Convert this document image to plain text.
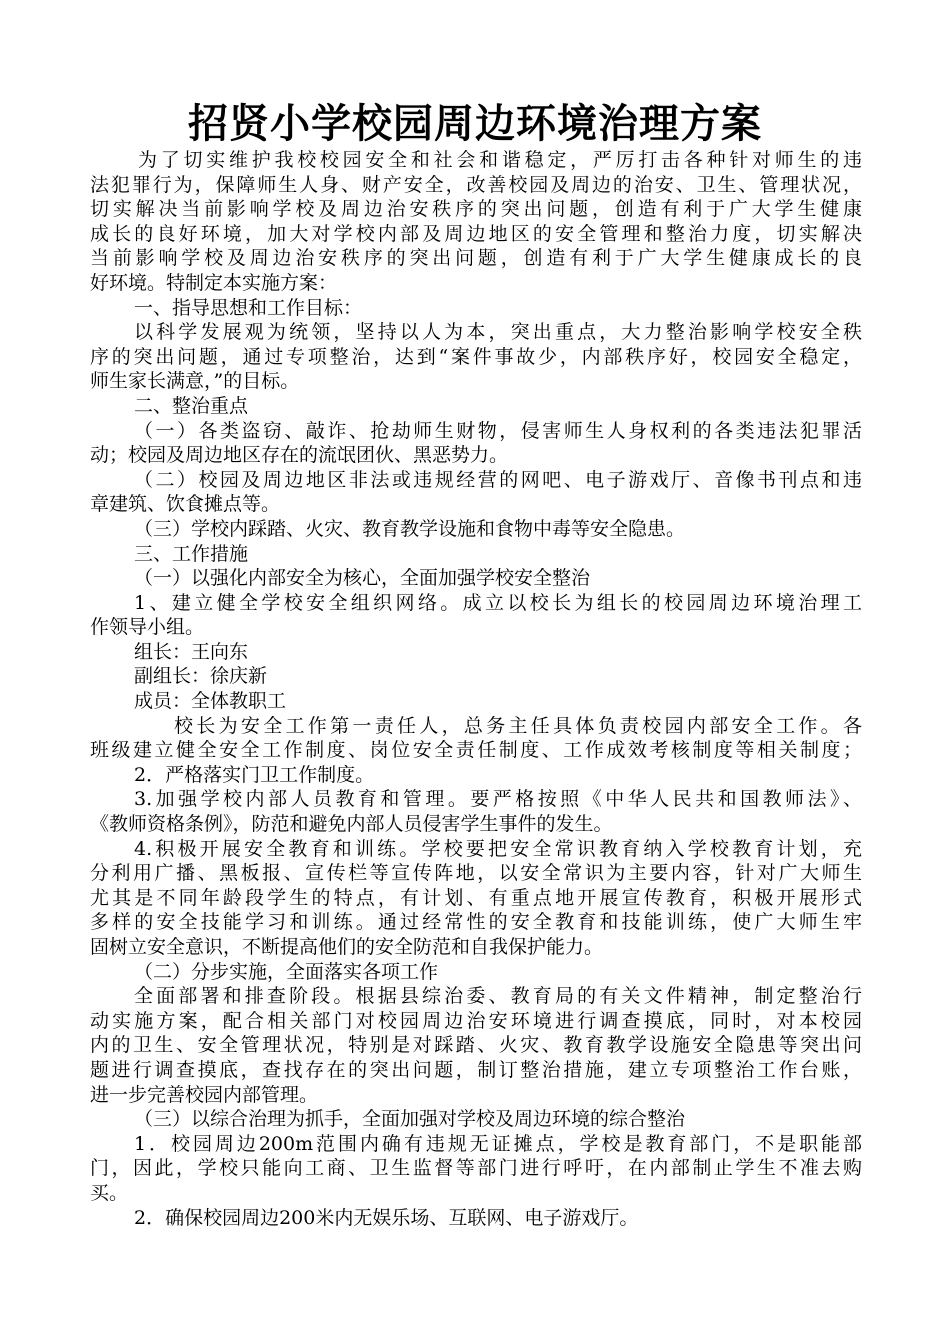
招贤小学校园周边环境治理方案
为了切实维护我校校园安全和社会和谐稳定，严厉打击各种针对师生的违
法犯罪行为，保障师生人身、财产安全，改善校园及周边的治安、卫生、管理状况，
切实解决当前影响学校及周边治安秩序的突出问题，创造有利于广大学生健康
成长的良好环境，加大对学校内部及周边地区的安全管理和整治力度，切实解决
当前影响学校及周边治安秩序的突出问题，创造有利于广大学生健康成长的良
好环境。特制定本实施方案：
一、指导思想和工作目标：
以科学发展观为统领，坚持以人为本，突出重点，大力整治影响学校安全秩
序的突出问题，通过专项整治，达到“案件事故少，内部秩序好，校园安全稳定，
师生家长满意，”的目标。
二、整治重点
（一）各类盗窃、敲诈、抢劫师生财物，侵害师生人身权利的各类违法犯罪活
动；校园及周边地区存在的流氓团伙、黑恶势力。
（二）校园及周边地区非法或违规经营的网吧、电子游戏厅、音像书刊点和违
章建筑、饮食摊点等。
（三）学校内踩踏、火灾、教育教学设施和食物中毒等安全隐患。
三、工作措施
（一）以强化内部安全为核心，全面加强学校安全整治
1、建立健全学校安全组织网络。成立以校长为组长的校园周边环境治理工
作领导小组。
组长：王向东
副组长：徐庆新
成员：全体教职工
校长为安全工作第一责任人，总务主任具体负责校园内部安全工作。各
班级建立健全安全工作制度、岗位安全责任制度、工作成效考核制度等相关制度；
2．严格落实门卫工作制度。
3.加强学校内部人员教育和管理。要严格按照《中华人民共和国教师法》、
《教师资格条例》，防范和避免内部人员侵害学生事件的发生。
4.积极开展安全教育和训练。学校要把安全常识教育纳入学校教育计划，充
分利用广播、黑板报、宣传栏等宣传阵地，以安全常识为主要内容，针对广大师生
尤其是不同年龄段学生的特点，有计划、有重点地开展宣传教育，积极开展形式
多样的安全技能学习和训练。通过经常性的安全教育和技能训练，使广大师生牢
固树立安全意识，不断提高他们的安全防范和自我保护能力。
（二）分步实施，全面落实各项工作
全面部署和排查阶段。根据县综治委、教育局的有关文件精神，制定整治行
动实施方案，配合相关部门对校园周边治安环境进行调查摸底，同时，对本校园
内的卫生、安全管理状况，特别是对踩踏、火灾、教育教学设施安全隐患等突出问
题进行调查摸底，查找存在的突出问题，制订整治措施，建立专项整治工作台账，
进一步完善校园内部管理。
（三）以综合治理为抓手，全面加强对学校及周边环境的综合整治
1．校园周边200m范围内确有违规无证摊点，学校是教育部门，不是职能部
门，因此，学校只能向工商、卫生监督等部门进行呼吁，在内部制止学生不准去购
买。
2．确保校园周边200米内无娱乐场、互联网、电子游戏厅。
